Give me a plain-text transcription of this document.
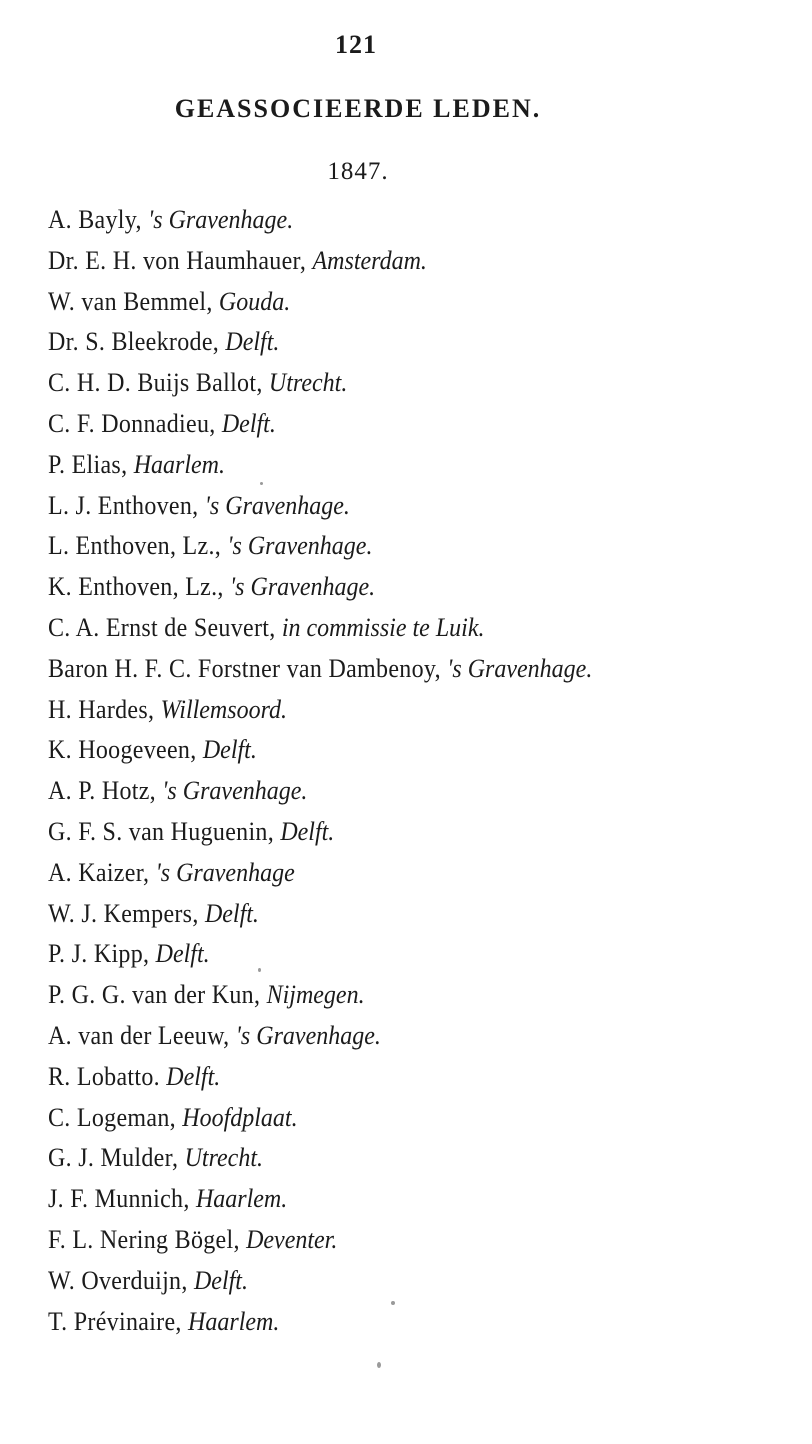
121
GEASSOCIEERDE LEDEN.
1847.
A. Bayly, 's Gravenhage.
Dr. E. H. von Haumhauer, Amsterdam.
W. van Bemmel, Gouda.
Dr. S. Bleekrode, Delft.
C. H. D. Buijs Ballot, Utrecht.
C. F. Donnadieu, Delft.
P. Elias, Haarlem.
L. J. Enthoven, 's Gravenhage.
L. Enthoven, Lz., 's Gravenhage.
K. Enthoven, Lz., 's Gravenhage.
C. A. Ernst de Seuvert, in commissie te Luik.
Baron H. F. C. Forstner van Dambenoy, 's Gravenhage.
H. Hardes, Willemsoord.
K. Hoogeveen, Delft.
A. P. Hotz, 's Gravenhage.
G. F. S. van Huguenin, Delft.
A. Kaizer, 's Gravenhage
W. J. Kempers, Delft.
P. J. Kipp, Delft.
P. G. G. van der Kun, Nijmegen.
A. van der Leeuw, 's Gravenhage.
R. Lobatto. Delft.
C. Logeman, Hoofdplaat.
G. J. Mulder, Utrecht.
J. F. Munnich, Haarlem.
F. L. Nering Bögel, Deventer.
W. Overduijn, Delft.
T. Prévinaire, Haarlem.
